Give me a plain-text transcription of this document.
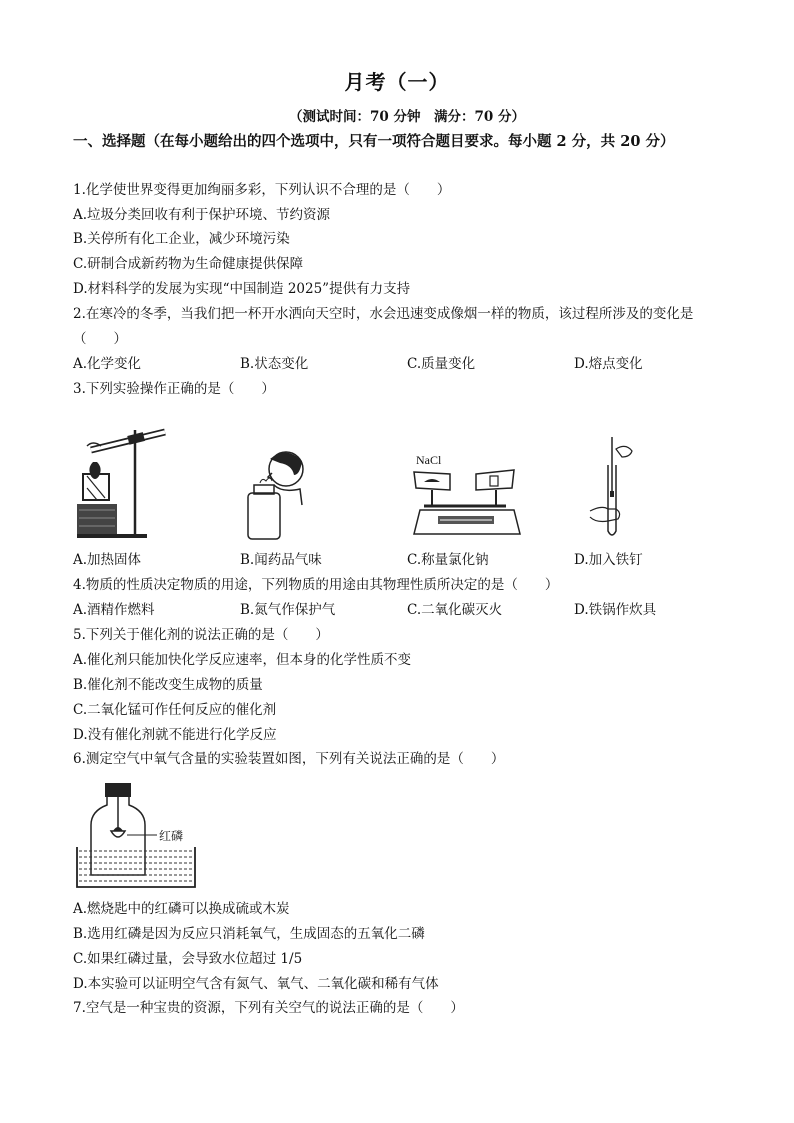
月考（一）
（测试时间：70 分钟　满分：70 分）
一、选择题（在每小题给出的四个选项中，只有一项符合题目要求。每小题 2 分，共 20 分）
1.化学使世界变得更加绚丽多彩，下列认识不合理的是（　　）
A.垃圾分类回收有利于保护环境、节约资源
B.关停所有化工企业，减少环境污染
C.研制合成新药物为生命健康提供保障
D.材料科学的发展为实现“中国制造 2025”提供有力支持
2.在寒冷的冬季，当我们把一杯开水洒向天空时，水会迅速变成像烟一样的物质，该过程所涉及的变化是
（　　）
A.化学变化	B.状态变化	C.质量变化	D.熔点变化
3.下列实验操作正确的是（　　）
NaCl
A.加热固体	B.闻药品气味	C.称量氯化钠	D.加入铁钉
4.物质的性质决定物质的用途，下列物质的用途由其物理性质所决定的是（　　）
A.酒精作燃料	B.氮气作保护气	C.二氧化碳灭火	D.铁锅作炊具
5.下列关于催化剂的说法正确的是（　　）
A.催化剂只能加快化学反应速率，但本身的化学性质不变
B.催化剂不能改变生成物的质量
C.二氧化锰可作任何反应的催化剂
D.没有催化剂就不能进行化学反应
6.测定空气中氧气含量的实验装置如图，下列有关说法正确的是（　　）
红磷
A.燃烧匙中的红磷可以换成硫或木炭
B.选用红磷是因为反应只消耗氧气，生成固态的五氧化二磷
C.如果红磷过量，会导致水位超过 1/5
D.本实验可以证明空气含有氮气、氧气、二氧化碳和稀有气体
7.空气是一种宝贵的资源，下列有关空气的说法正确的是（　　）
